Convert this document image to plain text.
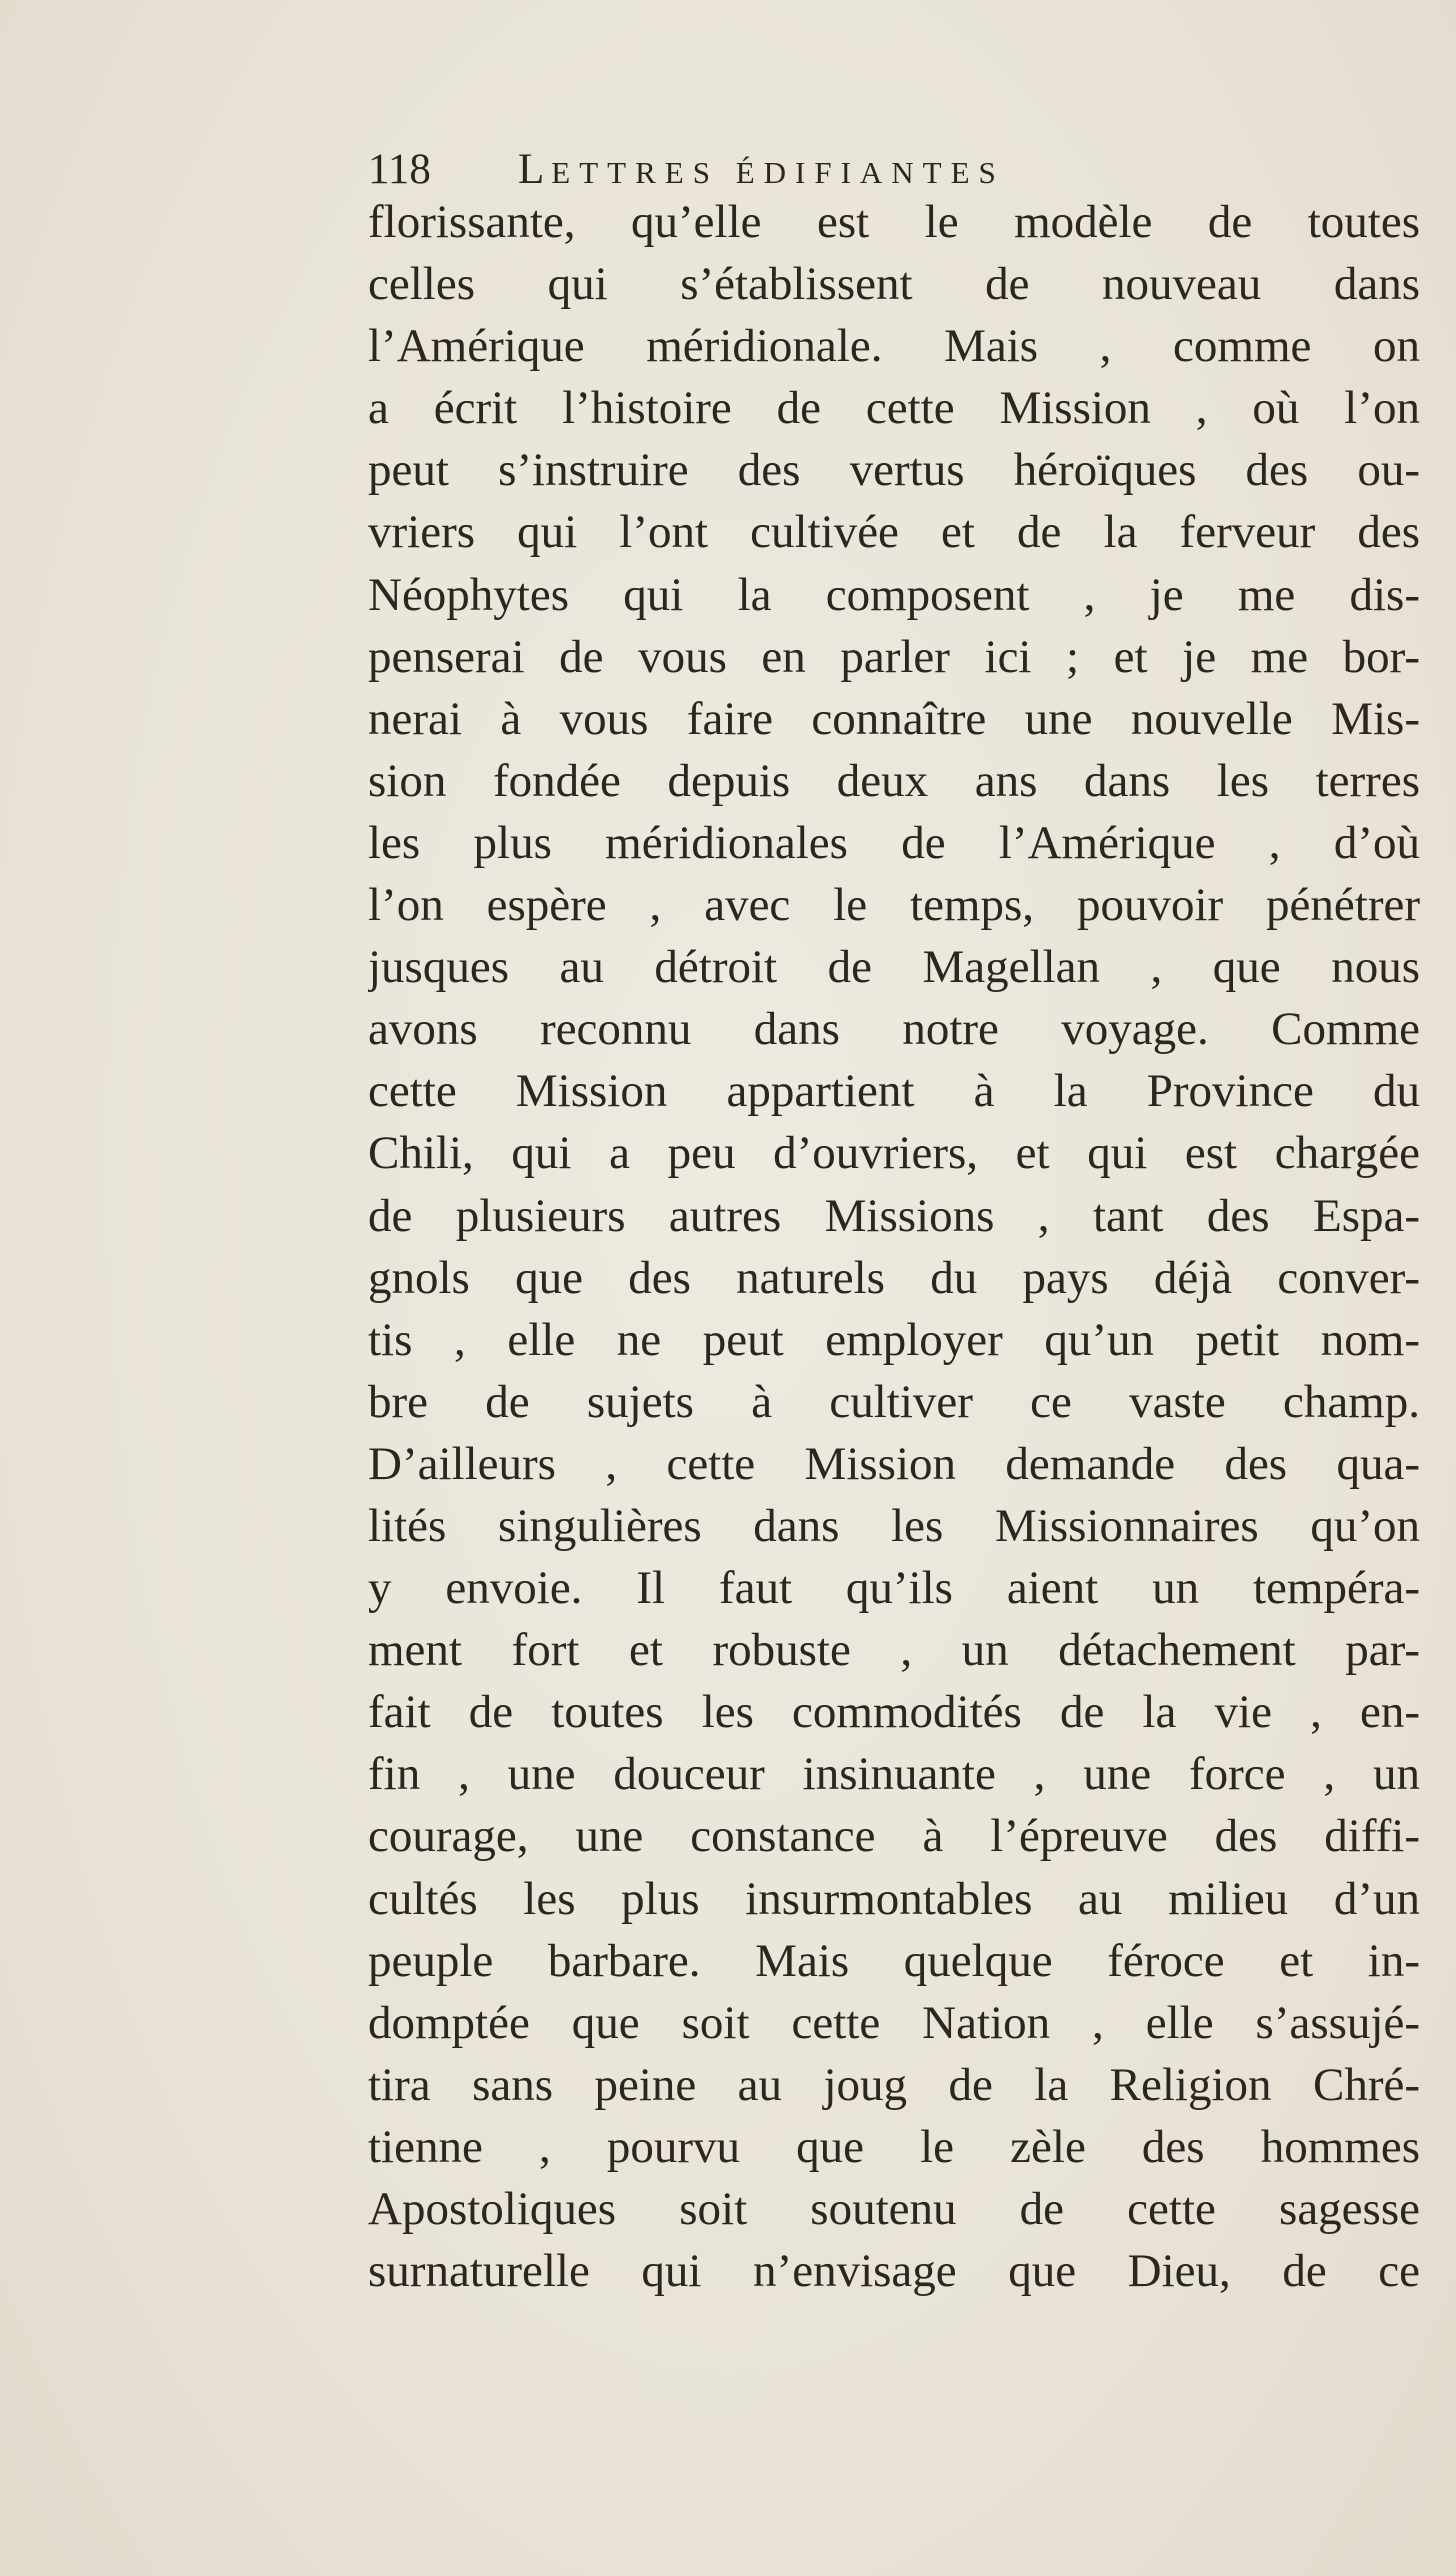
118 LETTRES ÉDIFIANTES
florissante, qu’elle est le modèle de toutes
celles qui s’établissent de nouveau dans
l’Amérique méridionale. Mais , comme on
a écrit l’histoire de cette Mission , où l’on
peut s’instruire des vertus héroïques des ou-
vriers qui l’ont cultivée et de la ferveur des
Néophytes qui la composent , je me dis-
penserai de vous en parler ici ; et je me bor-
nerai à vous faire connaître une nouvelle Mis-
sion fondée depuis deux ans dans les terres
les plus méridionales de l’Amérique , d’où
l’on espère , avec le temps, pouvoir pénétrer
jusques au détroit de Magellan , que nous
avons reconnu dans notre voyage. Comme
cette Mission appartient à la Province du
Chili, qui a peu d’ouvriers, et qui est chargée
de plusieurs autres Missions , tant des Espa-
gnols que des naturels du pays déjà conver-
tis , elle ne peut employer qu’un petit nom-
bre de sujets à cultiver ce vaste champ.
D’ailleurs , cette Mission demande des qua-
lités singulières dans les Missionnaires qu’on
y envoie. Il faut qu’ils aient un tempéra-
ment fort et robuste , un détachement par-
fait de toutes les commodités de la vie , en-
fin , une douceur insinuante , une force , un
courage, une constance à l’épreuve des diffi-
cultés les plus insurmontables au milieu d’un
peuple barbare. Mais quelque féroce et in-
domptée que soit cette Nation , elle s’assujé-
tira sans peine au joug de la Religion Chré-
tienne , pourvu que le zèle des hommes
Apostoliques soit soutenu de cette sagesse
surnaturelle qui n’envisage que Dieu, de ce
